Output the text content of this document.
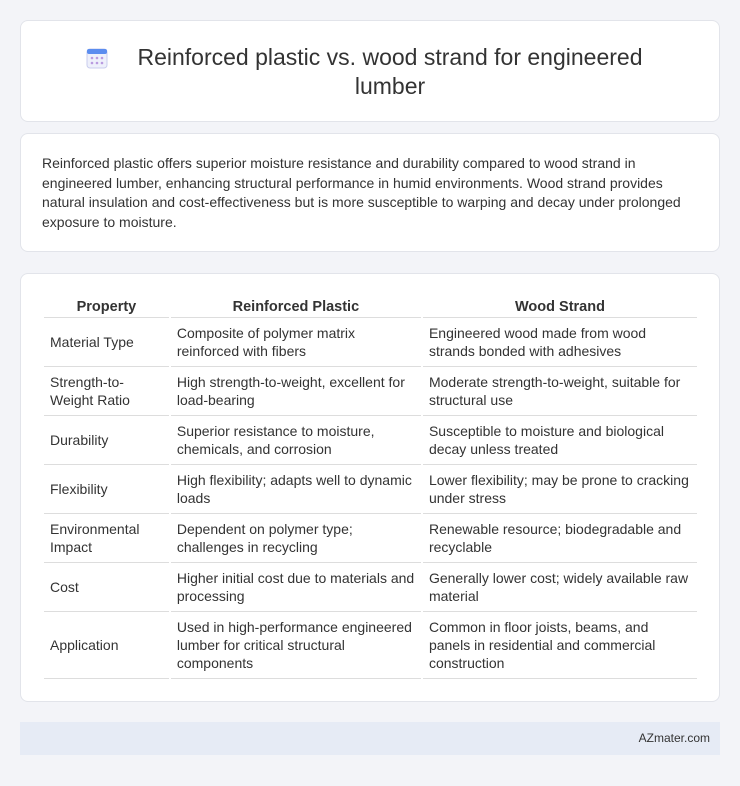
Reinforced plastic vs. wood strand for engineered lumber

Reinforced plastic offers superior moisture resistance and durability compared to wood strand in engineered lumber, enhancing structural performance in humid environments. Wood strand provides natural insulation and cost-effectiveness but is more susceptible to warping and decay under prolonged exposure to moisture.

Property	Reinforced Plastic	Wood Strand
Material Type	Composite of polymer matrix reinforced with fibers	Engineered wood made from wood strands bonded with adhesives
Strength-to-Weight Ratio	High strength-to-weight, excellent for load-bearing	Moderate strength-to-weight, suitable for structural use
Durability	Superior resistance to moisture, chemicals, and corrosion	Susceptible to moisture and biological decay unless treated
Flexibility	High flexibility; adapts well to dynamic loads	Lower flexibility; may be prone to cracking under stress
Environmental Impact	Dependent on polymer type; challenges in recycling	Renewable resource; biodegradable and recyclable
Cost	Higher initial cost due to materials and processing	Generally lower cost; widely available raw material
Application	Used in high-performance engineered lumber for critical structural components	Common in floor joists, beams, and panels in residential and commercial construction
AZmater.com
